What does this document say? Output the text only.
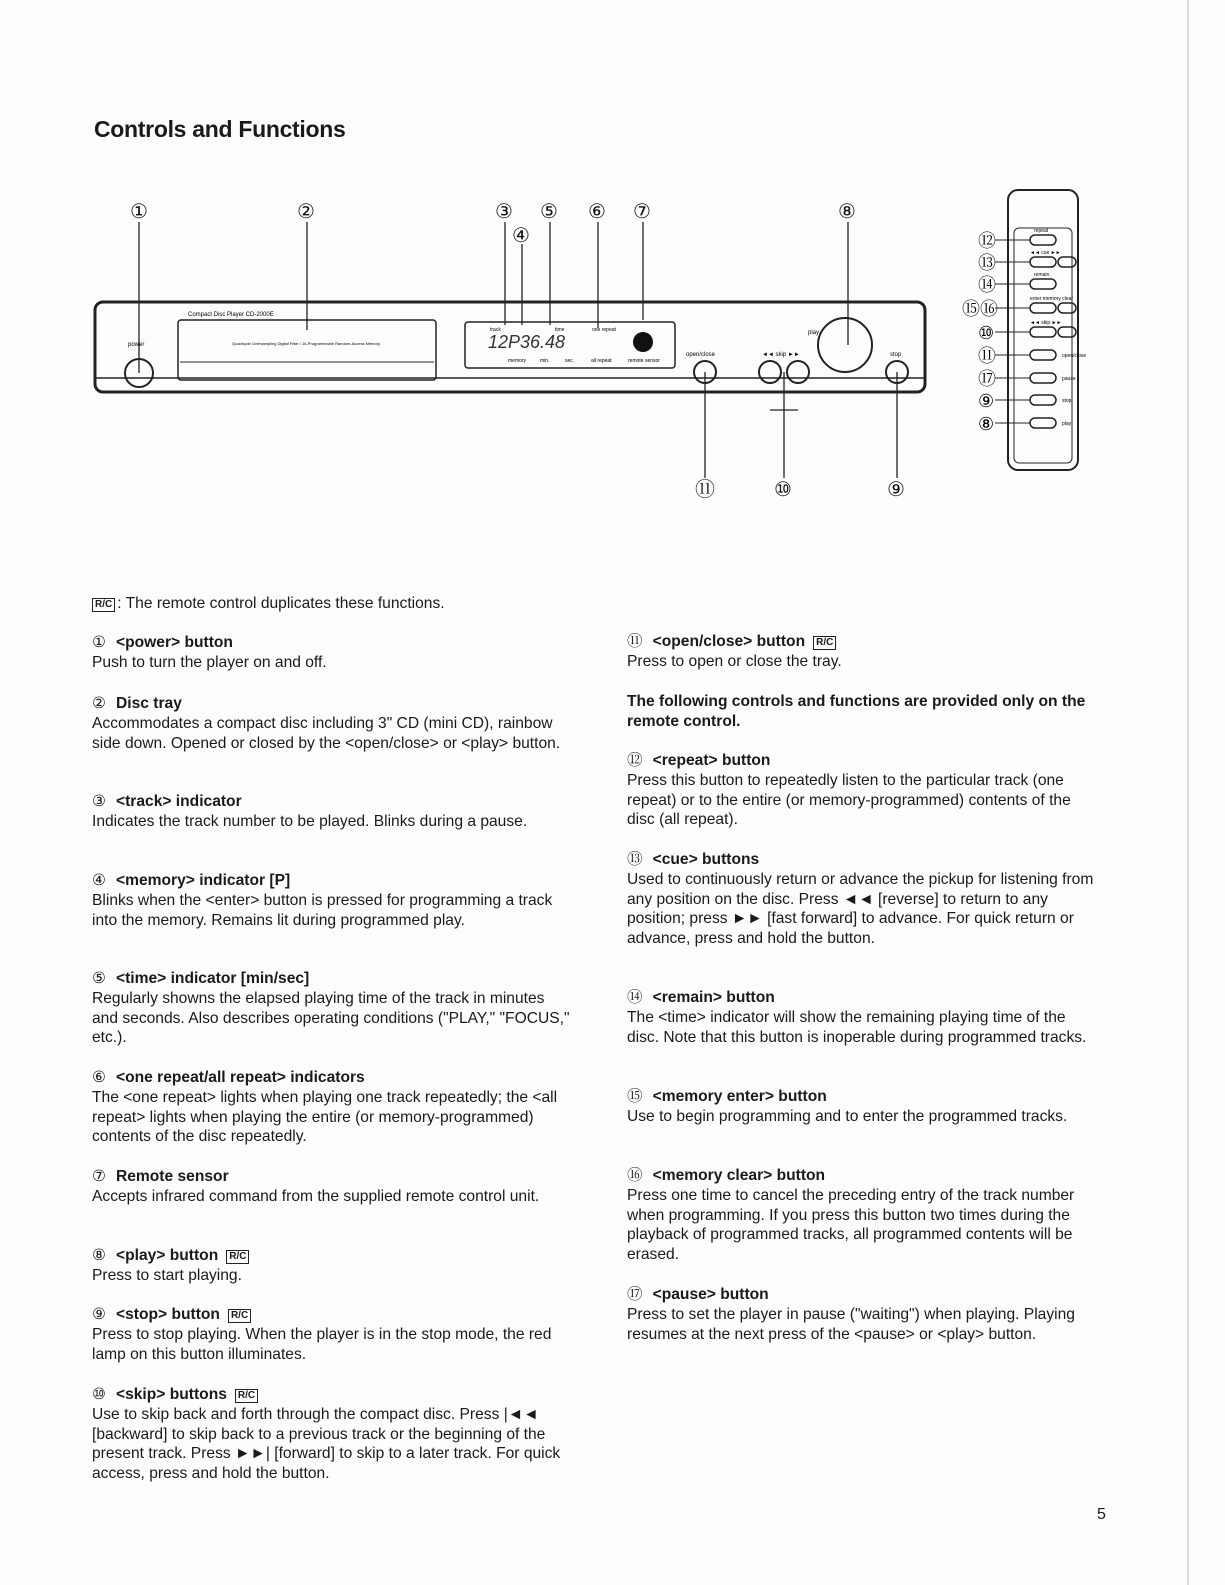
Controls and Functions
①	②	③
④
⑤ ⑥ ⑦	⑧
⑪	⑩	⑨
Compact Disc Player CD-2000E
Quadruple Oversampling Digital Filter / 16-Programmable Random-Access Memory
power
track	time	one repeat
12P36.48
memory	min.	sec.	all repeat	remote sensor
open/close	◄◄ skip ►►
play
stop
repeat
⑫
◄◄ cue ►►
⑬
remain
⑭
enter memory clear
⑮⑯
◄◄ skip ►►
⑩
open/close
⑪
pause
⑰
stop
⑨
play
⑧
R/C : The remote control duplicates these functions.
① <power> button
Push to turn the player on and off.
② Disc tray
Accommodates a compact disc including 3" CD (mini CD), rainbow side down. Opened or closed by the <open/close> or <play> button.
③ <track> indicator
Indicates the track number to be played. Blinks during a pause.
④ <memory> indicator [P]
Blinks when the <enter> button is pressed for programming a track into the memory. Remains lit during programmed play.
⑤ <time> indicator [min/sec]
Regularly showns the elapsed playing time of the track in minutes and seconds. Also describes operating conditions ("PLAY," "FOCUS," etc.).
⑥ <one repeat/all repeat> indicators
The <one repeat> lights when playing one track repeatedly; the <all repeat> lights when playing the entire (or memory-programmed) contents of the disc repeatedly.
⑦ Remote sensor
Accepts infrared command from the supplied remote control unit.
⑧ <play> button R/C
Press to start playing.
⑨ <stop> button R/C
Press to stop playing. When the player is in the stop mode, the red lamp on this button illuminates.
⑩ <skip> buttons R/C
Use to skip back and forth through the compact disc. Press |◄◄ [backward] to skip back to a previous track or the beginning of the present track. Press ►►| [forward] to skip to a later track. For quick access, press and hold the button.
⑪ <open/close> button R/C
Press to open or close the tray.
The following controls and functions are provided only on the remote control.
⑫ <repeat> button
Press this button to repeatedly listen to the particular track (one repeat) or to the entire (or memory-programmed) contents of the disc (all repeat).
⑬ <cue> buttons
Used to continuously return or advance the pickup for listening from any position on the disc. Press ◄◄ [reverse] to return to any position; press ►► [fast forward] to advance. For quick return or advance, press and hold the button.
⑭ <remain> button
The <time> indicator will show the remaining playing time of the disc. Note that this button is inoperable during programmed tracks.
⑮ <memory enter> button
Use to begin programming and to enter the programmed tracks.
⑯ <memory clear> button
Press one time to cancel the preceding entry of the track number when programming. If you press this button two times during the playback of programmed tracks, all programmed contents will be erased.
⑰ <pause> button
Press to set the player in pause ("waiting") when playing. Playing resumes at the next press of the <pause> or <play> button.
5
